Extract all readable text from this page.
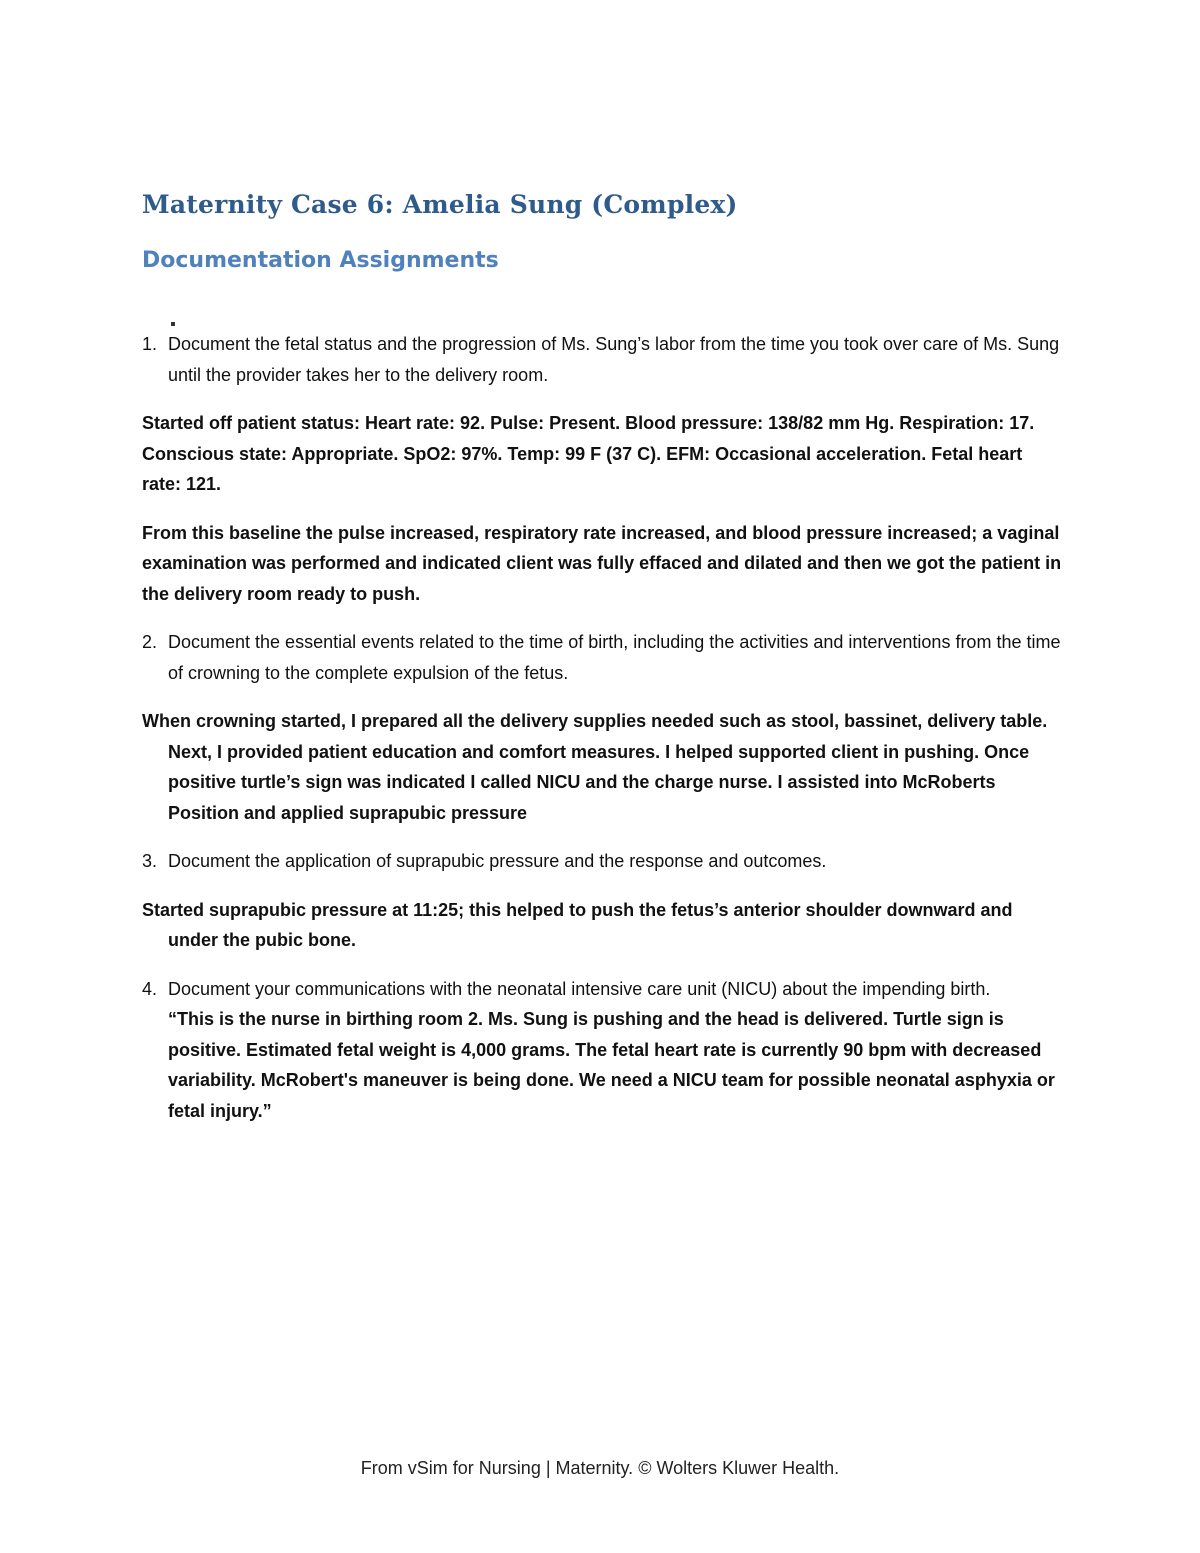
Maternity Case 6: Amelia Sung (Complex)
Documentation Assignments
1. Document the fetal status and the progression of Ms. Sung’s labor from the time you took over care of Ms. Sung until the provider takes her to the delivery room.

Started off patient status: Heart rate: 92. Pulse: Present. Blood pressure: 138/82 mm Hg. Respiration: 17. Conscious state: Appropriate. SpO2: 97%. Temp: 99 F (37 C). EFM: Occasional acceleration. Fetal heart rate: 121.

From this baseline the pulse increased, respiratory rate increased, and blood pressure increased; a vaginal examination was performed and indicated client was fully effaced and dilated and then we got the patient in the delivery room ready to push.

2. Document the essential events related to the time of birth, including the activities and interventions from the time of crowning to the complete expulsion of the fetus.

When crowning started, I prepared all the delivery supplies needed such as stool, bassinet, delivery table. Next, I provided patient education and comfort measures. I helped supported client in pushing. Once positive turtle’s sign was indicated I called NICU and the charge nurse. I assisted into McRoberts Position and applied suprapubic pressure

3. Document the application of suprapubic pressure and the response and outcomes.

Started suprapubic pressure at 11:25; this helped to push the fetus’s anterior shoulder downward and under the pubic bone.

4. Document your communications with the neonatal intensive care unit (NICU) about the impending birth.

“This is the nurse in birthing room 2. Ms. Sung is pushing and the head is delivered. Turtle sign is positive. Estimated fetal weight is 4,000 grams. The fetal heart rate is currently 90 bpm with decreased variability. McRobert's maneuver is being done. We need a NICU team for possible neonatal asphyxia or fetal injury.”

From vSim for Nursing | Maternity. © Wolters Kluwer Health.
